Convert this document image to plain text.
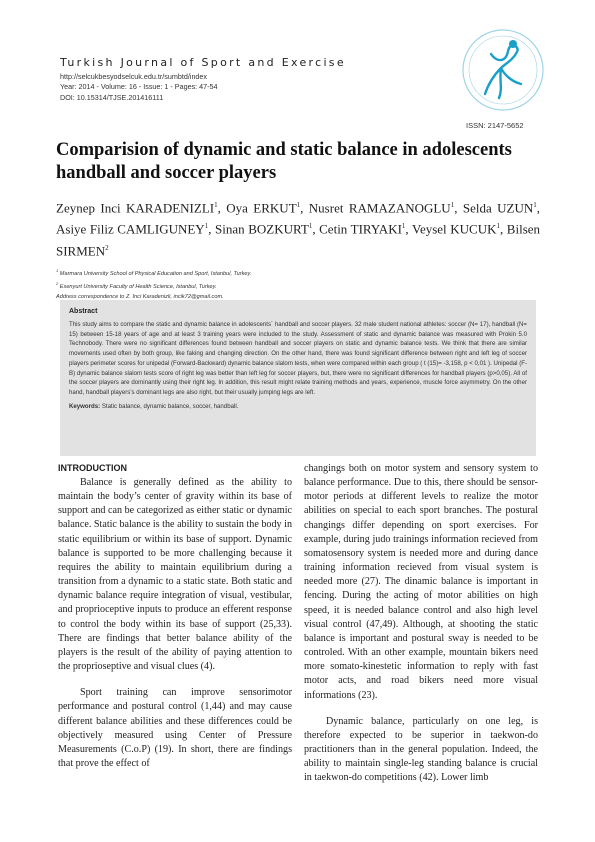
Turkish Journal of Sport and Exercise
http://selcukbesyodselcuk.edu.tr/sumbtd/index
Year: 2014 - Volume: 16 - Issue: 1 - Pages: 47-54
DOI: 10.15314/TJSE.201416111
ISSN: 2147-5652
Comparision of dynamic and static balance in adolescents handball and soccer players
Zeynep Inci KARADENIZLI$^1$, Oya ERKUT$^1$, Nusret RAMAZANOGLU$^1$, Selda UZUN$^1$, Asiye Filiz CAMLIGUNEY$^1$, Sinan BOZKURT$^1$, Cetin TIRYAKI$^1$, Veysel KUCUK$^1$, Bilsen SIRMEN$^2$
$^1$ Marmara University School of Physical Education and Sport, Istanbul, Turkey.
$^2$ Esenyurt University Faculty of Health Science, Istanbul, Turkey.
Address correspondence to Z. Inci Karadenizli, incik72@gmail.com.
Abstract

This study aims to compare the static and dynamic balance in adolescents´ handball and soccer players. 32 male student national athletes: soccer (N= 17), handball (N= 15) between 15-18 years of age and at least 3 training years were included to the study. Assessment of static and dynamic balance was measured with Prokin 5.0 Technobody. There were no significant differences found between handball and soccer players on static and dynamic balance tests. We think that there are similar movements used often by both group, like faking and changing direction. On the other hand, there was found significant difference between right and left leg of soccer players perimeter scores for unipedal (Forward-Backward) dynamic balance slalom tests, when were compared within each group ( t (15)= -3,158, p < 0,01 ). Unipedal (F-B) dynamic balance slalom tests score of right leg was better than left leg for soccer players, but, there were no significant differences for handball players (p>0,05). All of the soccer players are dominantly using their right leg. In addition, this result might relate training methods and years, experience, muscle force asymmetry. On the other hand, handball players's dominant legs are also right, but their usually jumping legs are left.

Keywords: Static balance, dynamic balance, soccer, handball.
INTRODUCTION

Balance is generally defined as the ability to maintain the body’s center of gravity within its base of support and can be categorized as either static or dynamic balance. Static balance is the ability to sustain the body in static equilibrium or within its base of support. Dynamic balance is supported to be more challenging because it requires the ability to maintain equilibrium during a transition from a dynamic to a static state. Both static and dynamic balance require integration of visual, vestibular, and proprioceptive inputs to produce an efferent response to control the body within its base of support (25,33). There are findings that better balance ability of the players is the result of the ability of paying attention to the proprioseptive and visual clues (4).

Sport training can improve sensorimotor performance and postural control (1,44) and may cause different balance abilities and these differences could be objectively measured using Center of Pressure Measurements (C.o.P) (19). In short, there are findings that prove the effect of

changings both on motor system and sensory system to balance performance. Due to this, there should be sensor-motor periods at different levels to realize the motor abilities on special to each sport branches. The postural changings differ depending on sport exercises. For example, during judo trainings information recieved from somatosensory system is needed more and during dance training information recieved from visual system is needed more (27). The dinamic balance is important in fencing. During the acting of motor abilities on high speed, it is needed balance control and also high level visual control (47,49). Although, at shooting the static balance is important and postural sway is needed to be controled. With an other example, mountain bikers need more somato-kinestetic information to reply with fast motor acts, and road bikers need more visual informations (23).

Dynamic balance, particularly on one leg, is therefore expected to be superior in taekwon-do practitioners than in the general population. Indeed, the ability to maintain single-leg standing balance is crucial in taekwon-do competitions (42). Lower limb
